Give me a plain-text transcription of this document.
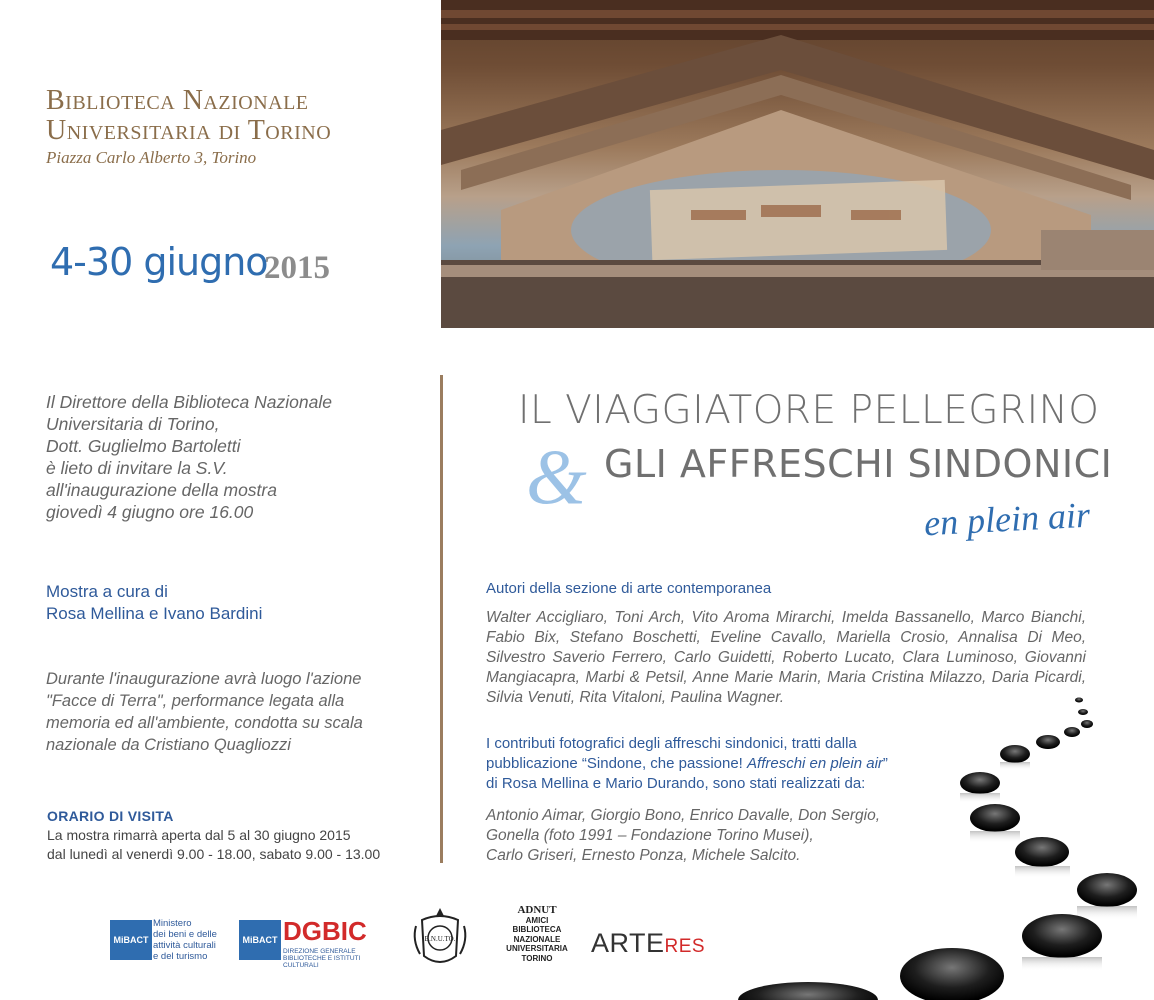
Biblioteca Nazionale
Universitaria di Torino
Piazza Carlo Alberto 3, Torino
4-30 giugno
2015
Il Direttore della Biblioteca Nazionale
Universitaria di Torino,
Dott. Guglielmo Bartoletti
è lieto di invitare la S.V.
all'inaugurazione della mostra
giovedì 4 giugno ore 16.00
Mostra a cura di
Rosa Mellina e Ivano Bardini
Durante l'inaugurazione avrà luogo l'azione
"Facce di Terra", performance legata alla
memoria ed all'ambiente, condotta su scala
nazionale da Cristiano Quagliozzi
ORARIO DI VISITA
La mostra rimarrà aperta dal 5 al 30 giugno 2015
dal lunedì al venerdì 9.00 - 18.00, sabato 9.00 - 13.00
IL VIAGGIATORE PELLEGRINO
& GLI AFFRESCHI SINDONICI
en plein air
Autori della sezione di arte contemporanea
Walter Accigliaro, Toni Arch, Vito Aroma Mirarchi, Imelda Bassanello, Marco Bianchi, Fabio Bix, Stefano Boschetti, Eveline Cavallo, Mariella Crosio, Annalisa Di Meo, Silvestro Saverio Ferrero, Carlo Guidetti, Roberto Lucato, Clara Luminoso, Giovanni Mangiacapra, Marbi & Petsil, Anne Marie Marin, Maria Cristina Milazzo, Daria Picardi, Silvia Venuti, Rita Vitaloni, Paulina Wagner.
I contributi fotografici degli affreschi sindonici, tratti dalla
pubblicazione “Sindone, che passione! Affreschi en plein air”
di Rosa Mellina e Mario Durando, sono stati realizzati da:
Antonio Aimar, Giorgio Bono, Enrico Davalle, Don Sergio,
Gonella (foto 1991 – Fondazione Torino Musei),
Carlo Griseri, Ernesto Ponza, Michele Salcito.
MiBACT
Ministero
dei beni e delle
attività culturali
e del turismo
MiBACT DGBIC
DIREZIONE GENERALE
BIBLIOTECHE E ISTITUTI CULTURALI
B.N.U.TO.
ADNUT
AMICI
BIBLIOTECA
NAZIONALE
UNIVERSITARIA
TORINO	ARTERES
